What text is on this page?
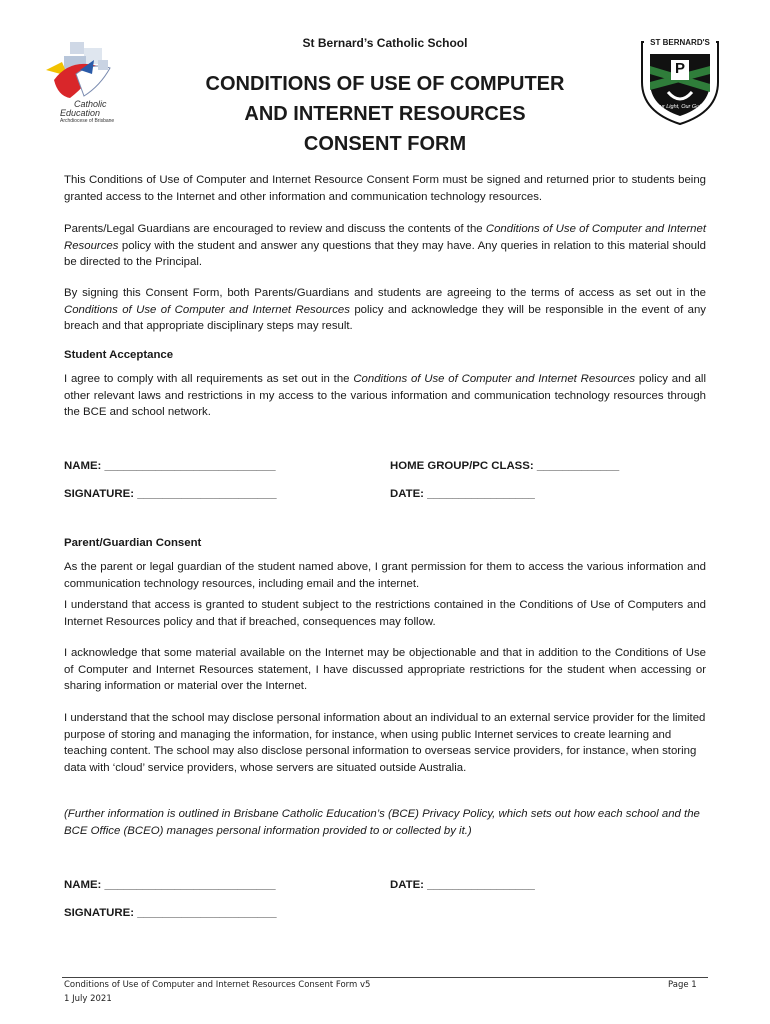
Catholic
Education
Archdiocese of Brisbane
ST BERNARD'S
P
Your Light, Our Guide
St Bernard’s Catholic School
CONDITIONS OF USE OF COMPUTER
AND INTERNET RESOURCES
CONSENT FORM
This Conditions of Use of Computer and Internet Resource Consent Form must be signed and returned prior to students being granted access to the Internet and other information and communication technology resources.
Parents/Legal Guardians are encouraged to review and discuss the contents of the Conditions of Use of Computer and Internet Resources policy with the student and answer any questions that they may have. Any queries in relation to this material should be directed to the Principal.
By signing this Consent Form, both Parents/Guardians and students are agreeing to the terms of access as set out in the Conditions of Use of Computer and Internet Resources policy and acknowledge they will be responsible in the event of any breach and that appropriate disciplinary steps may result.
Student Acceptance
I agree to comply with all requirements as set out in the Conditions of Use of Computer and Internet Resources policy and all other relevant laws and restrictions in my access to the various information and communication technology resources through the BCE and school network.
NAME: ___________________________	HOME GROUP/PC CLASS: _____________
SIGNATURE: ______________________	DATE: _________________
Parent/Guardian Consent
As the parent or legal guardian of the student named above, I grant permission for them to access the various information and communication technology resources, including email and the internet.
I understand that access is granted to student subject to the restrictions contained in the Conditions of Use of Computers and Internet Resources policy and that if breached, consequences may follow.
I acknowledge that some material available on the Internet may be objectionable and that in addition to the Conditions of Use of Computer and Internet Resources statement, I have discussed appropriate restrictions for the student when accessing or sharing information or material over the Internet.
I understand that the school may disclose personal information about an individual to an external service provider for the limited purpose of storing and managing the information, for instance, when using public Internet services to create learning and teaching content. The school may also disclose personal information to overseas service providers, for instance, when storing data with ‘cloud’ service providers, whose servers are situated outside Australia.
(Further information is outlined in Brisbane Catholic Education’s (BCE) Privacy Policy, which sets out how each school and the BCE Office (BCEO) manages personal information provided to or collected by it.)
NAME: ___________________________	DATE: _________________
SIGNATURE: ______________________
Conditions of Use of Computer and Internet Resources Consent Form v5
1 July 2021
Page 1
